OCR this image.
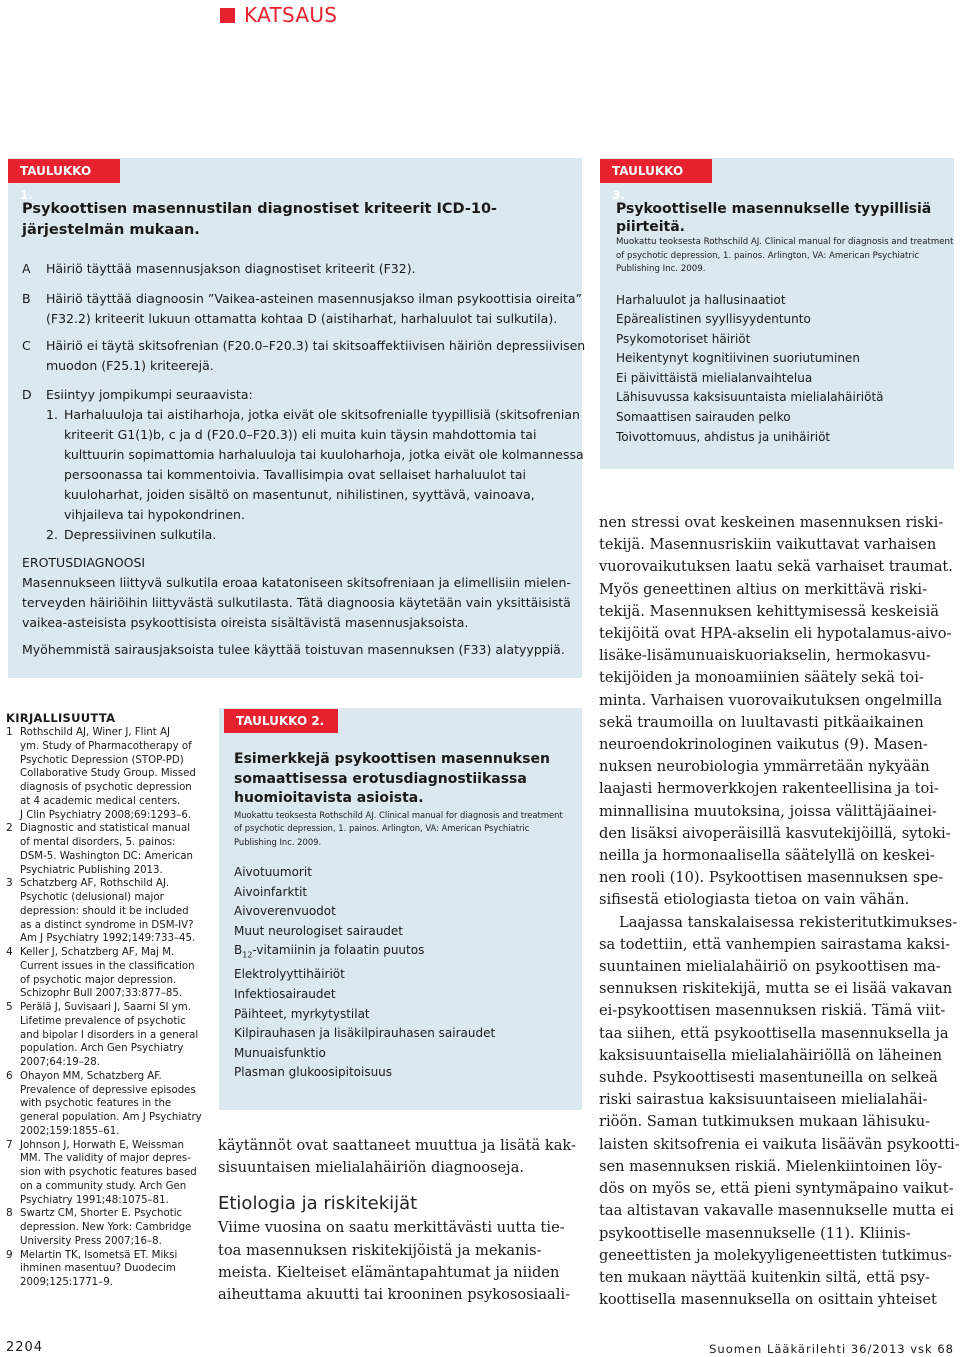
KATSAUS
TAULUKKO 1.
Psykoottisen masennustilan diagnostiset kriteerit ICD-10-järjestelmän mukaan.
A Häiriö täyttää masennusjakson diagnostiset kriteerit (F32).
B Häiriö täyttää diagnoosin ”Vaikea-asteinen masennusjakso ilman psykoottisia oireita”
(F32.2) kriteerit lukuun ottamatta kohtaa D (aistiharhat, harhaluulot tai sulkutila).
C Häiriö ei täytä skitsofrenian (F20.0–F20.3) tai skitsoaffektiivisen häiriön depressiivisen
muodon (F25.1) kriteerejä.
D Esiintyy jompikumpi seuraavista:
1. Harhaluuloja tai aistiharhoja, jotka eivät ole skitsofrenialle tyypillisiä (skitsofrenian
kriteerit G1(1)b, c ja d (F20.0–F20.3)) eli muita kuin täysin mahdottomia tai
kulttuurin sopimattomia harhaluuloja tai kuuloharhoja, jotka eivät ole kolmannessa
persoonassa tai kommentoivia. Tavallisimpia ovat sellaiset harhaluulot tai
kuuloharhat, joiden sisältö on masentunut, nihilistinen, syyttävä, vainoava,
vihjaileva tai hypokondrinen.
2. Depressiivinen sulkutila.
EROTUSDIAGNOOSI
Masennukseen liittyvä sulkutila eroaa katatoniseen skitsofreniaan ja elimellisiin mielen-
terveyden häiriöihin liittyvästä sulkutilasta. Tätä diagnoosia käytetään vain yksittäisistä
vaikea-asteisista psykoottisista oireista sisältävistä masennusjaksoista.
Myöhemmistä sairausjaksoista tulee käyttää toistuvan masennuksen (F33) alatyyppiä.
TAULUKKO 3.
Psykoottiselle masennukselle tyypillisiä
piirteitä.
Muokattu teoksesta Rothschild AJ. Clinical manual for diagnosis and treatment
of psychotic depression, 1. painos. Arlington, VA: American Psychiatric
Publishing Inc. 2009.
Harhaluulot ja hallusinaatiot
Epärealistinen syyllisyydentunto
Psykomotoriset häiriöt
Heikentynyt kognitiivinen suoriutuminen
Ei päivittäistä mielialanvaihtelua
Lähisuvussa kaksisuuntaista mielialahäiriötä
Somaattisen sairauden pelko
Toivottomuus, ahdistus ja unihäiriöt
TAULUKKO 2.
Esimerkkejä psykoottisen masennuksen
somaattisessa erotusdiagnostiikassa
huomioitavista asioista.
Muokattu teoksesta Rothschild AJ. Clinical manual for diagnosis and treatment
of psychotic depression, 1. painos. Arlington, VA: American Psychiatric
Publishing Inc. 2009.
Aivotuumorit
Aivoinfarktit
Aivoverenvuodot
Muut neurologiset sairaudet
$B_{12}$-vitamiinin ja folaatin puutos
Elektrolyyttihäiriöt
Infektiosairaudet
Päihteet, myrkytystilat
Kilpirauhasen ja lisäkilpirauhasen sairaudet
Munuaisfunktio
Plasman glukoosipitoisuus
KIRJALLISUUTTA
1 Rothschild AJ, Winer J, Flint AJ
ym. Study of Pharmacotherapy of
Psychotic Depression (STOP-PD)
Collaborative Study Group. Missed
diagnosis of psychotic depression
at 4 academic medical centers.
J Clin Psychiatry 2008;69:1293–6.
2 Diagnostic and statistical manual
of mental disorders, 5. painos:
DSM-5. Washington DC: American
Psychiatric Publishing 2013.
3 Schatzberg AF, Rothschild AJ.
Psychotic (delusional) major
depression: should it be included
as a distinct syndrome in DSM-IV?
Am J Psychiatry 1992;149:733–45.
4 Keller J, Schatzberg AF, Maj M.
Current issues in the classification
of psychotic major depression.
Schizophr Bull 2007;33:877–85.
5 Perälä J, Suvisaari J, Saarni SI ym.
Lifetime prevalence of psychotic
and bipolar I disorders in a general
population. Arch Gen Psychiatry
2007;64:19–28.
6 Ohayon MM, Schatzberg AF.
Prevalence of depressive episodes
with psychotic features in the
general population. Am J Psychiatry
2002;159:1855–61.
7 Johnson J, Horwath E, Weissman
MM. The validity of major depres-
sion with psychotic features based
on a community study. Arch Gen
Psychiatry 1991;48:1075–81.
8 Swartz CM, Shorter E. Psychotic
depression. New York: Cambridge
University Press 2007;16–8.
9 Melartin TK, Isometsä ET. Miksi
ihminen masentuu? Duodecim
2009;125:1771–9.
käytännöt ovat saattaneet muuttua ja lisätä kak-
sisuuntaisen mielialahäiriön diagnooseja.
Etiologia ja riskitekijät
Viime vuosina on saatu merkittävästi uutta tie-
toa masennuksen riskitekijöistä ja mekanis-
meista. Kielteiset elämäntapahtumat ja niiden
aiheuttama akuutti tai krooninen psykososiaali-
nen stressi ovat keskeinen masennuksen riski-
tekijä. Masennusriskiin vaikuttavat varhaisen
vuorovaikutuksen laatu sekä varhaiset traumat.
Myös geneettinen altius on merkittävä riski-
tekijä. Masennuksen kehittymisessä keskeisiä
tekijöitä ovat HPA-akselin eli hypotalamus-aivo-
lisäke-lisämunuaiskuoriakselin, hermokasvu-
tekijöiden ja monoamiinien säätely sekä toi-
minta. Varhaisen vuorovaikutuksen ongelmilla
sekä traumoilla on luultavasti pitkäaikainen
neuroendokrinologinen vaikutus (9). Masen-
nuksen neurobiologia ymmärretään nykyään
laajasti hermoverkkojen rakenteellisina ja toi-
minnallisina muutoksina, joissa välittäjäainei-
den lisäksi aivoperäisillä kasvutekijöillä, sytoki-
neilla ja hormonaalisella säätelyllä on keskei-
nen rooli (10). Psykoottisen masennuksen spe-
sifisestä etiologiasta tietoa on vain vähän.
Laajassa tanskalaisessa rekisteritutkimukses-
sa todettiin, että vanhempien sairastama kaksi-
suuntainen mielialahäiriö on psykoottisen ma-
sennuksen riskitekijä, mutta se ei lisää vakavan
ei-psykoottisen masennuksen riskiä. Tämä viit-
taa siihen, että psykoottisella masennuksella ja
kaksisuuntaisella mielialahäiriöllä on läheinen
suhde. Psykoottisesti masentuneilla on selkeä
riski sairastua kaksisuuntaiseen mielialahäi-
riöön. Saman tutkimuksen mukaan lähisuku-
laisten skitsofrenia ei vaikuta lisäävän psykootti-
sen masennuksen riskiä. Mielenkiintoinen löy-
dös on myös se, että pieni syntymäpaino vaikut-
taa altistavan vakavalle masennukselle mutta ei
psykoottiselle masennukselle (11). Kliinis-
geneettisten ja molekyyligeneettisten tutkimus-
ten mukaan näyttää kuitenkin siltä, että psy-
koottisella masennuksella on osittain yhteiset
2204	Suomen Lääkärilehti 36/2013 vsk 68
